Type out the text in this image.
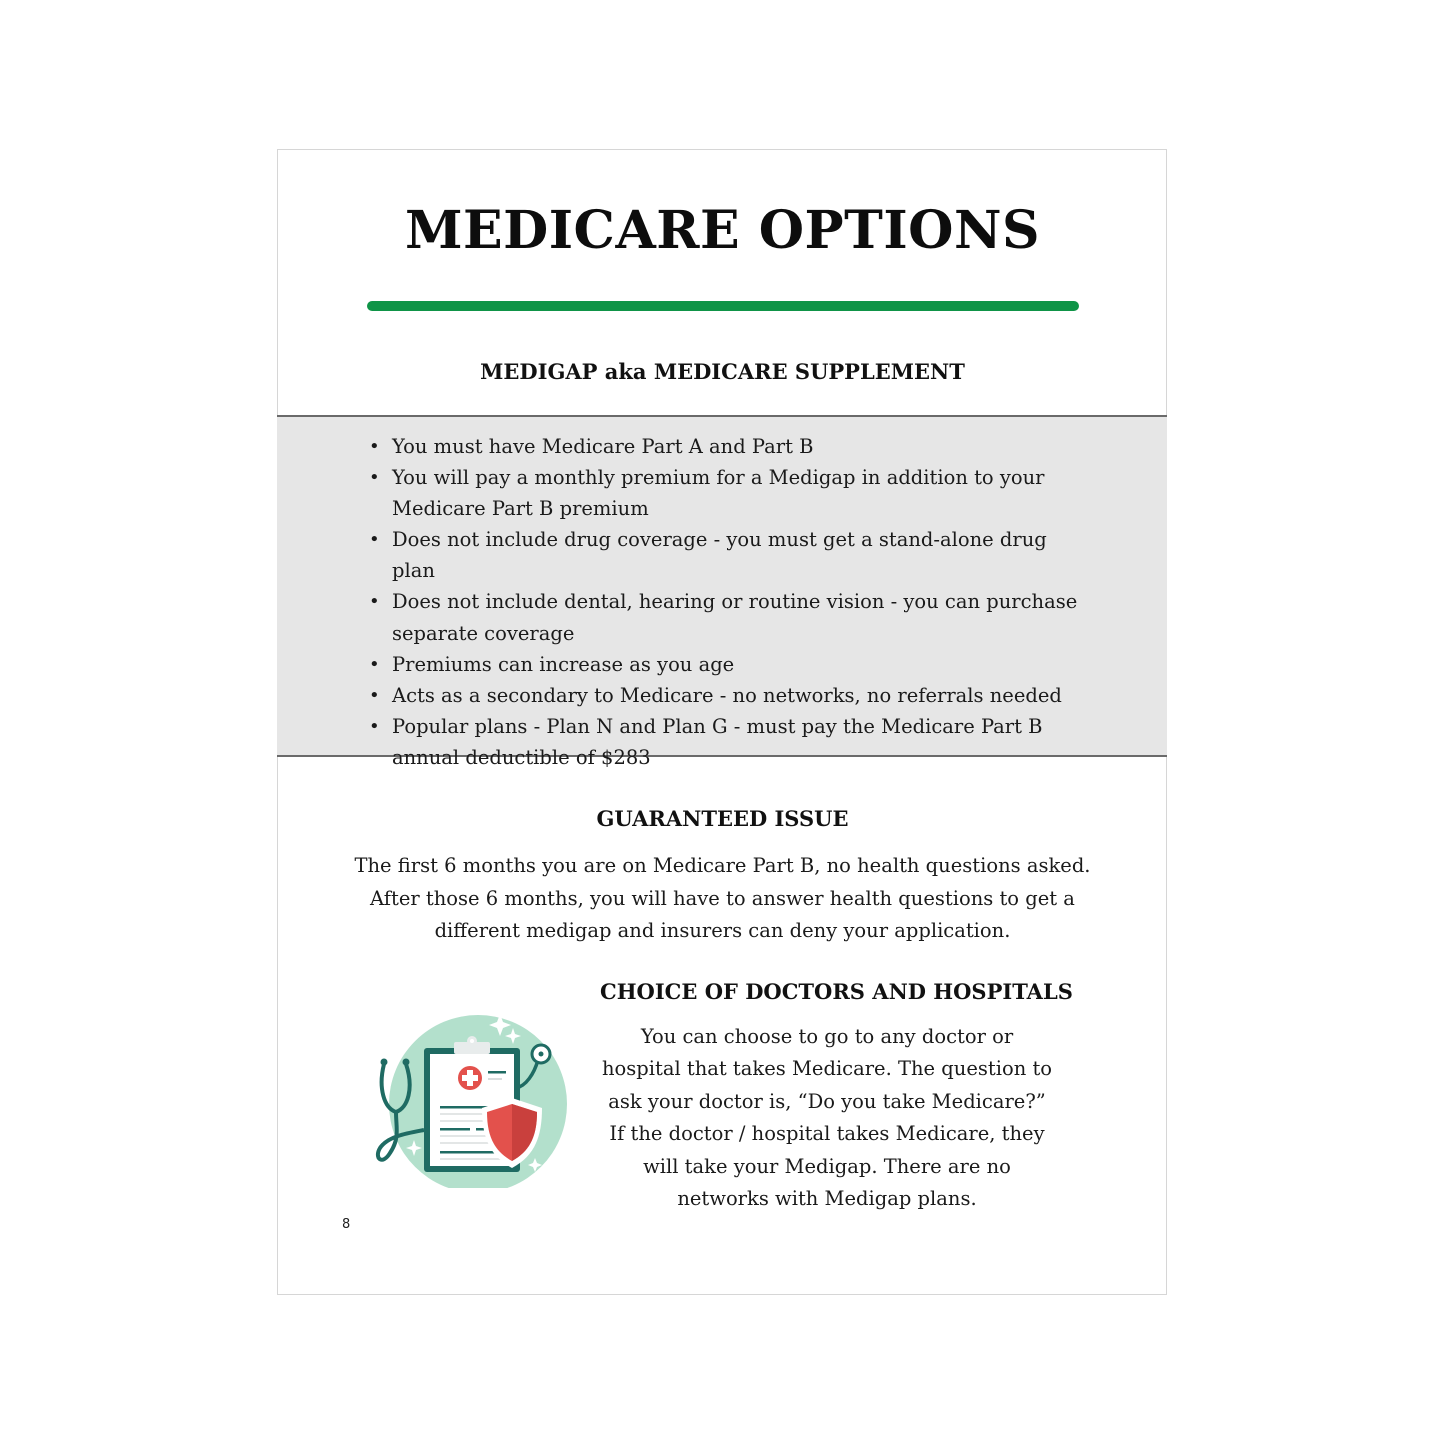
MEDICARE OPTIONS
MEDIGAP aka MEDICARE SUPPLEMENT
• You must have Medicare Part A and Part B
• You will pay a monthly premium for a Medigap in addition to your Medicare Part B premium
• Does not include drug coverage - you must get a stand-alone drug plan
• Does not include dental, hearing or routine vision - you can purchase separate coverage
• Premiums can increase as you age
• Acts as a secondary to Medicare - no networks, no referrals needed
• Popular plans - Plan N and Plan G - must pay the Medicare Part B annual deductible of $283
GUARANTEED ISSUE
The first 6 months you are on Medicare Part B, no health questions asked. After those 6 months, you will have to answer health questions to get a different medigap and insurers can deny your application.
CHOICE OF DOCTORS AND HOSPITALS
You can choose to go to any doctor or hospital that takes Medicare. The question to ask your doctor is, “Do you take Medicare?” If the doctor / hospital takes Medicare, they will take your Medigap. There are no networks with Medigap plans.
8
